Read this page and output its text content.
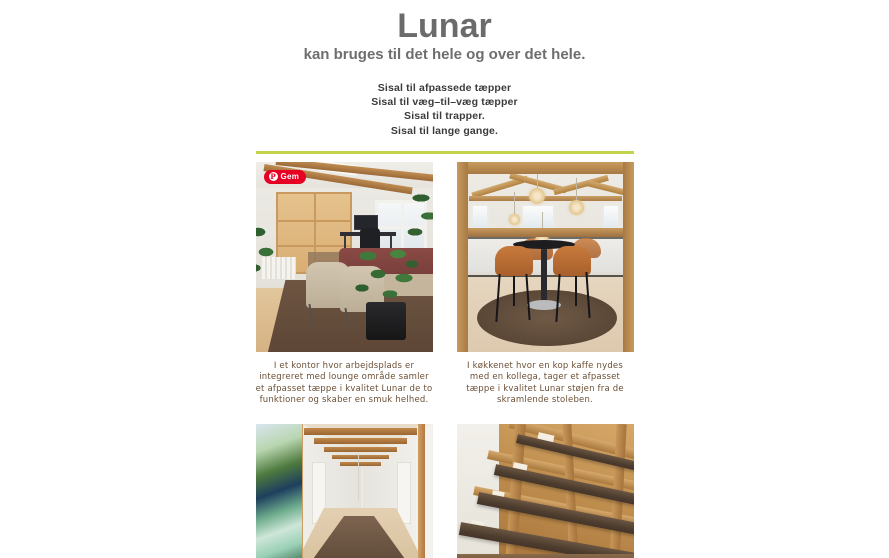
Lunar
kan bruges til det hele og over det hele.
Sisal til afpassede tæpper
Sisal til væg–til–væg tæpper
Sisal til trapper.
Sisal til lange gange.
P Gem
I et kontor hvor arbejdsplads er integreret med lounge område samler et afpasset tæppe i kvalitet Lunar de to funktioner og skaber en smuk helhed.
I køkkenet hvor en kop kaffe nydes med en kollega, tager et afpasset tæppe i kvalitet Lunar støjen fra de skramlende stoleben.
